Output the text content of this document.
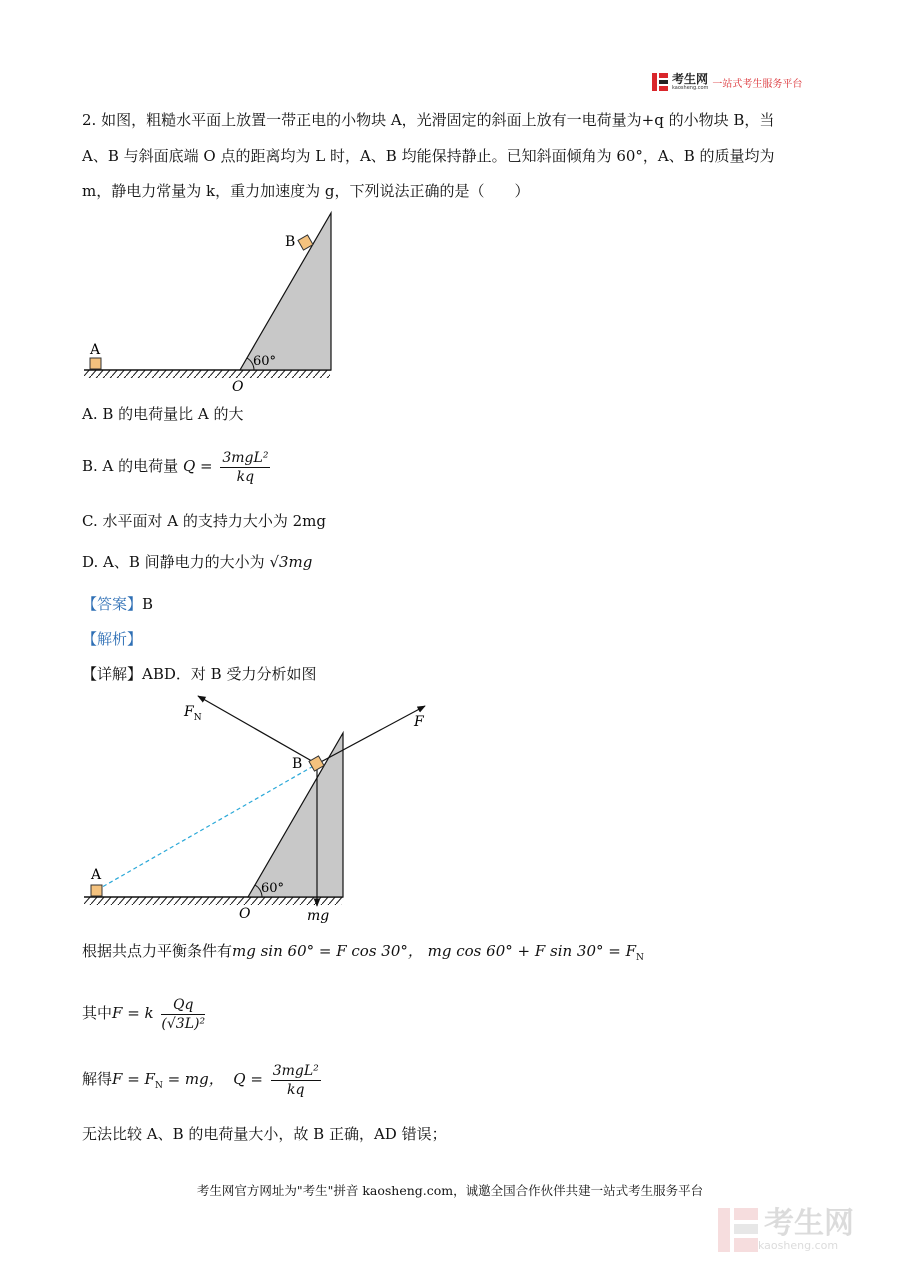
考生网
kaosheng.com 一站式考生服务平台
2. 如图，粗糙水平面上放置一带正电的小物块 A，光滑固定的斜面上放有一电荷量为+q 的小物块 B，当
A、B 与斜面底端 O 点的距离均为 L 时，A、B 均能保持静止。已知斜面倾角为 60°，A、B 的质量均为
m，静电力常量为 k，重力加速度为 g，下列说法正确的是（　　）
A
B
O
60°
A. B 的电荷量比 A 的大
B. A 的电荷量 $Q = \frac{\text{3mgL²}}{kq}$
C. 水平面对 A 的支持力大小为 2mg
D. A、B 间静电力的大小为 √3mg
【答案】B
【解析】
【详解】ABD．对 B 受力分析如图
$F_N$	F
B
A
O	mg
60°
根据共点力平衡条件有mg sin 60° = F cos 30°， mg cos 60° + F $\sin 30^\circ = F_N$
其中F = k $\frac{Qq}{\text{(√3L)²}}$
解得$F = F_N$ = mg， $Q = \frac{\text{3mgL²}}{kq}$
无法比较 A、B 的电荷量大小，故 B 正确，AD 错误；
考生网官方网址为"考生"拼音 kaosheng.com，诚邀全国合作伙伴共建一站式考生服务平台
考生网
kaosheng.com
